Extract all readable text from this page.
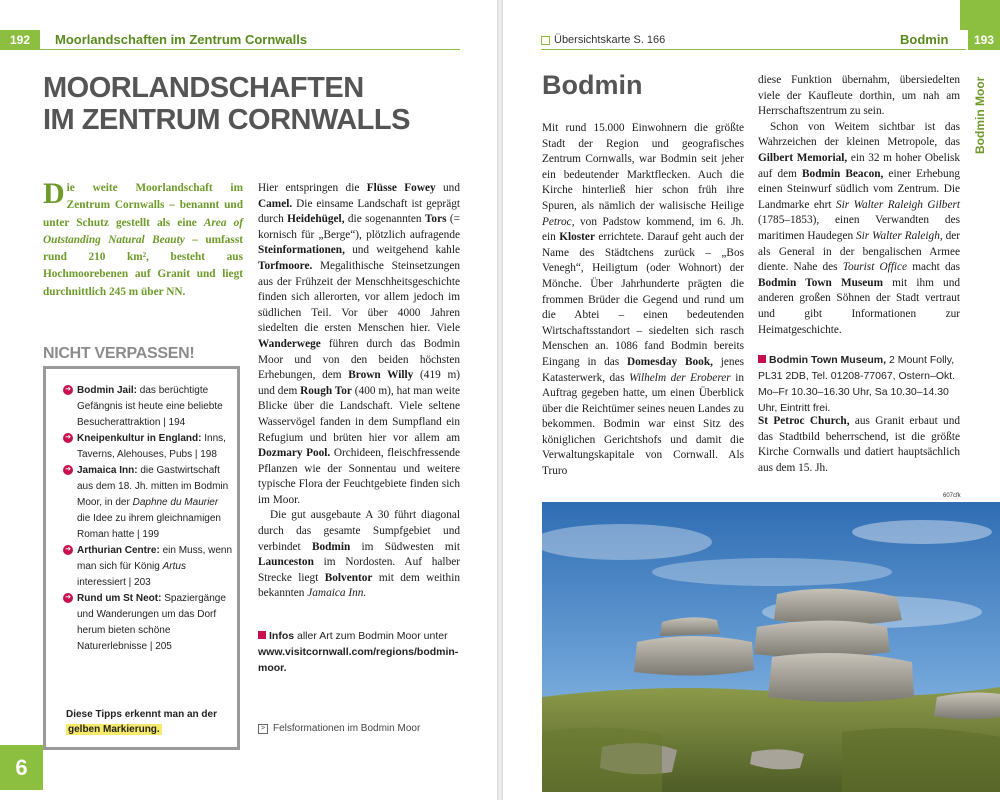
192	Moorlandschaften im Zentrum Cornwalls
MOORLANDSCHAFTEN
IM ZENTRUM CORNWALLS
Die weite Moorlandschaft im Zentrum Cornwalls – benannt und unter Schutz gestellt als eine Area of Outstanding Natural Beauty – umfasst rund 210 km², besteht aus Hochmoorebenen auf Granit und liegt durchnittlich 245 m über NN.
NICHT VERPASSEN!
➔ Bodmin Jail: das berüchtigte Gefängnis ist heute eine beliebte Besucherattraktion | 194
➔ Kneipenkultur in England: Inns, Taverns, Alehouses, Pubs | 198
➔ Jamaica Inn: die Gastwirtschaft aus dem 18. Jh. mitten im Bodmin Moor, in der Daphne du Maurier die Idee zu ihrem gleichnamigen Roman hatte | 199
➔ Arthurian Centre: ein Muss, wenn man sich für König Artus interessiert | 203
➔ Rund um St Neot: Spaziergänge und Wanderungen um das Dorf herum bieten schöne Naturerlebnisse | 205
Diese Tipps erkennt man an der
gelben Markierung.
6

Hier entspringen die Flüsse Fowey und Camel. Die einsame Landschaft ist geprägt durch Heidehügel, die sogenannten Tors (= kornisch für „Berge“), plötzlich aufragende Steinformationen, und weitgehend kahle Torfmoore. Megalithische Steinsetzungen aus der Frühzeit der Menschheitsgeschichte finden sich allerorten, vor allem jedoch im südlichen Teil. Vor über 4000 Jahren siedelten die ersten Menschen hier. Viele Wanderwege führen durch das Bodmin Moor und von den beiden höchsten Erhebungen, dem Brown Willy (419 m) und dem Rough Tor (400 m), hat man weite Blicke über die Landschaft. Viele seltene Wasservögel fanden in dem Sumpfland ein Refugium und brüten hier vor allem am Dozmary Pool. Orchideen, fleischfressende Pflanzen wie der Sonnentau und weitere typische Flora der Feuchtgebiete finden sich im Moor.

Die gut ausgebaute A 30 führt diagonal durch das gesamte Sumpfgebiet und verbindet Bodmin im Südwesten mit Launceston im Nordosten. Auf halber Strecke liegt Bolventor mit dem weithin bekannten Jamaica Inn.

Infos aller Art zum Bodmin Moor unter www.visitcornwall.com/regions/bodmin-moor.
> Felsformationen im Bodmin Moor
Übersichtskarte S. 166	Bodmin	193
Bodmin Moor
Bodmin

Mit rund 15.000 Einwohnern die größte Stadt der Region und geografisches Zentrum Cornwalls, war Bodmin seit jeher ein bedeutender Marktflecken. Auch die Kirche hinterließ hier schon früh ihre Spuren, als nämlich der walisische Heilige Petroc, von Padstow kommend, im 6. Jh. ein Kloster errichtete. Darauf geht auch der Name des Städtchens zurück – „Bos Venegh“, Heiligtum (oder Wohnort) der Mönche. Über Jahrhunderte prägten die frommen Brüder die Gegend und rund um die Abtei – einen bedeutenden Wirtschaftsstandort – siedelten sich rasch Menschen an. 1086 fand Bodmin bereits Eingang in das Domesday Book, jenes Katasterwerk, das Wilhelm der Eroberer in Auftrag gegeben hatte, um einen Überblick über die Reichtümer seines neuen Landes zu bekommen. Bodmin war einst Sitz des königlichen Gerichtshofs und damit die Verwaltungskapitale von Cornwall. Als Truro

diese Funktion übernahm, übersiedelten viele der Kaufleute dorthin, um nah am Herrschaftszentrum zu sein.

Schon von Weitem sichtbar ist das Wahrzeichen der kleinen Metropole, das Gilbert Memorial, ein 32 m hoher Obelisk auf dem Bodmin Beacon, einer Erhebung einen Steinwurf südlich vom Zentrum. Die Landmarke ehrt Sir Walter Raleigh Gilbert (1785–1853), einen Verwandten des maritimen Haudegen Sir Walter Raleigh, der als General in der bengalischen Armee diente. Nahe des Tourist Office macht das Bodmin Town Museum mit ihm und anderen großen Söhnen der Stadt vertraut und gibt Informationen zur Heimatgeschichte.

Bodmin Town Museum, 2 Mount Folly, PL31 2DB, Tel. 01208-77067, Ostern–Okt. Mo–Fr 10.30–16.30 Uhr, Sa 10.30–14.30 Uhr, Eintritt frei.

St Petroc Church, aus Granit erbaut und das Stadtbild beherrschend, ist die größte Kirche Cornwalls und datiert hauptsächlich aus dem 15. Jh.

607cfk
